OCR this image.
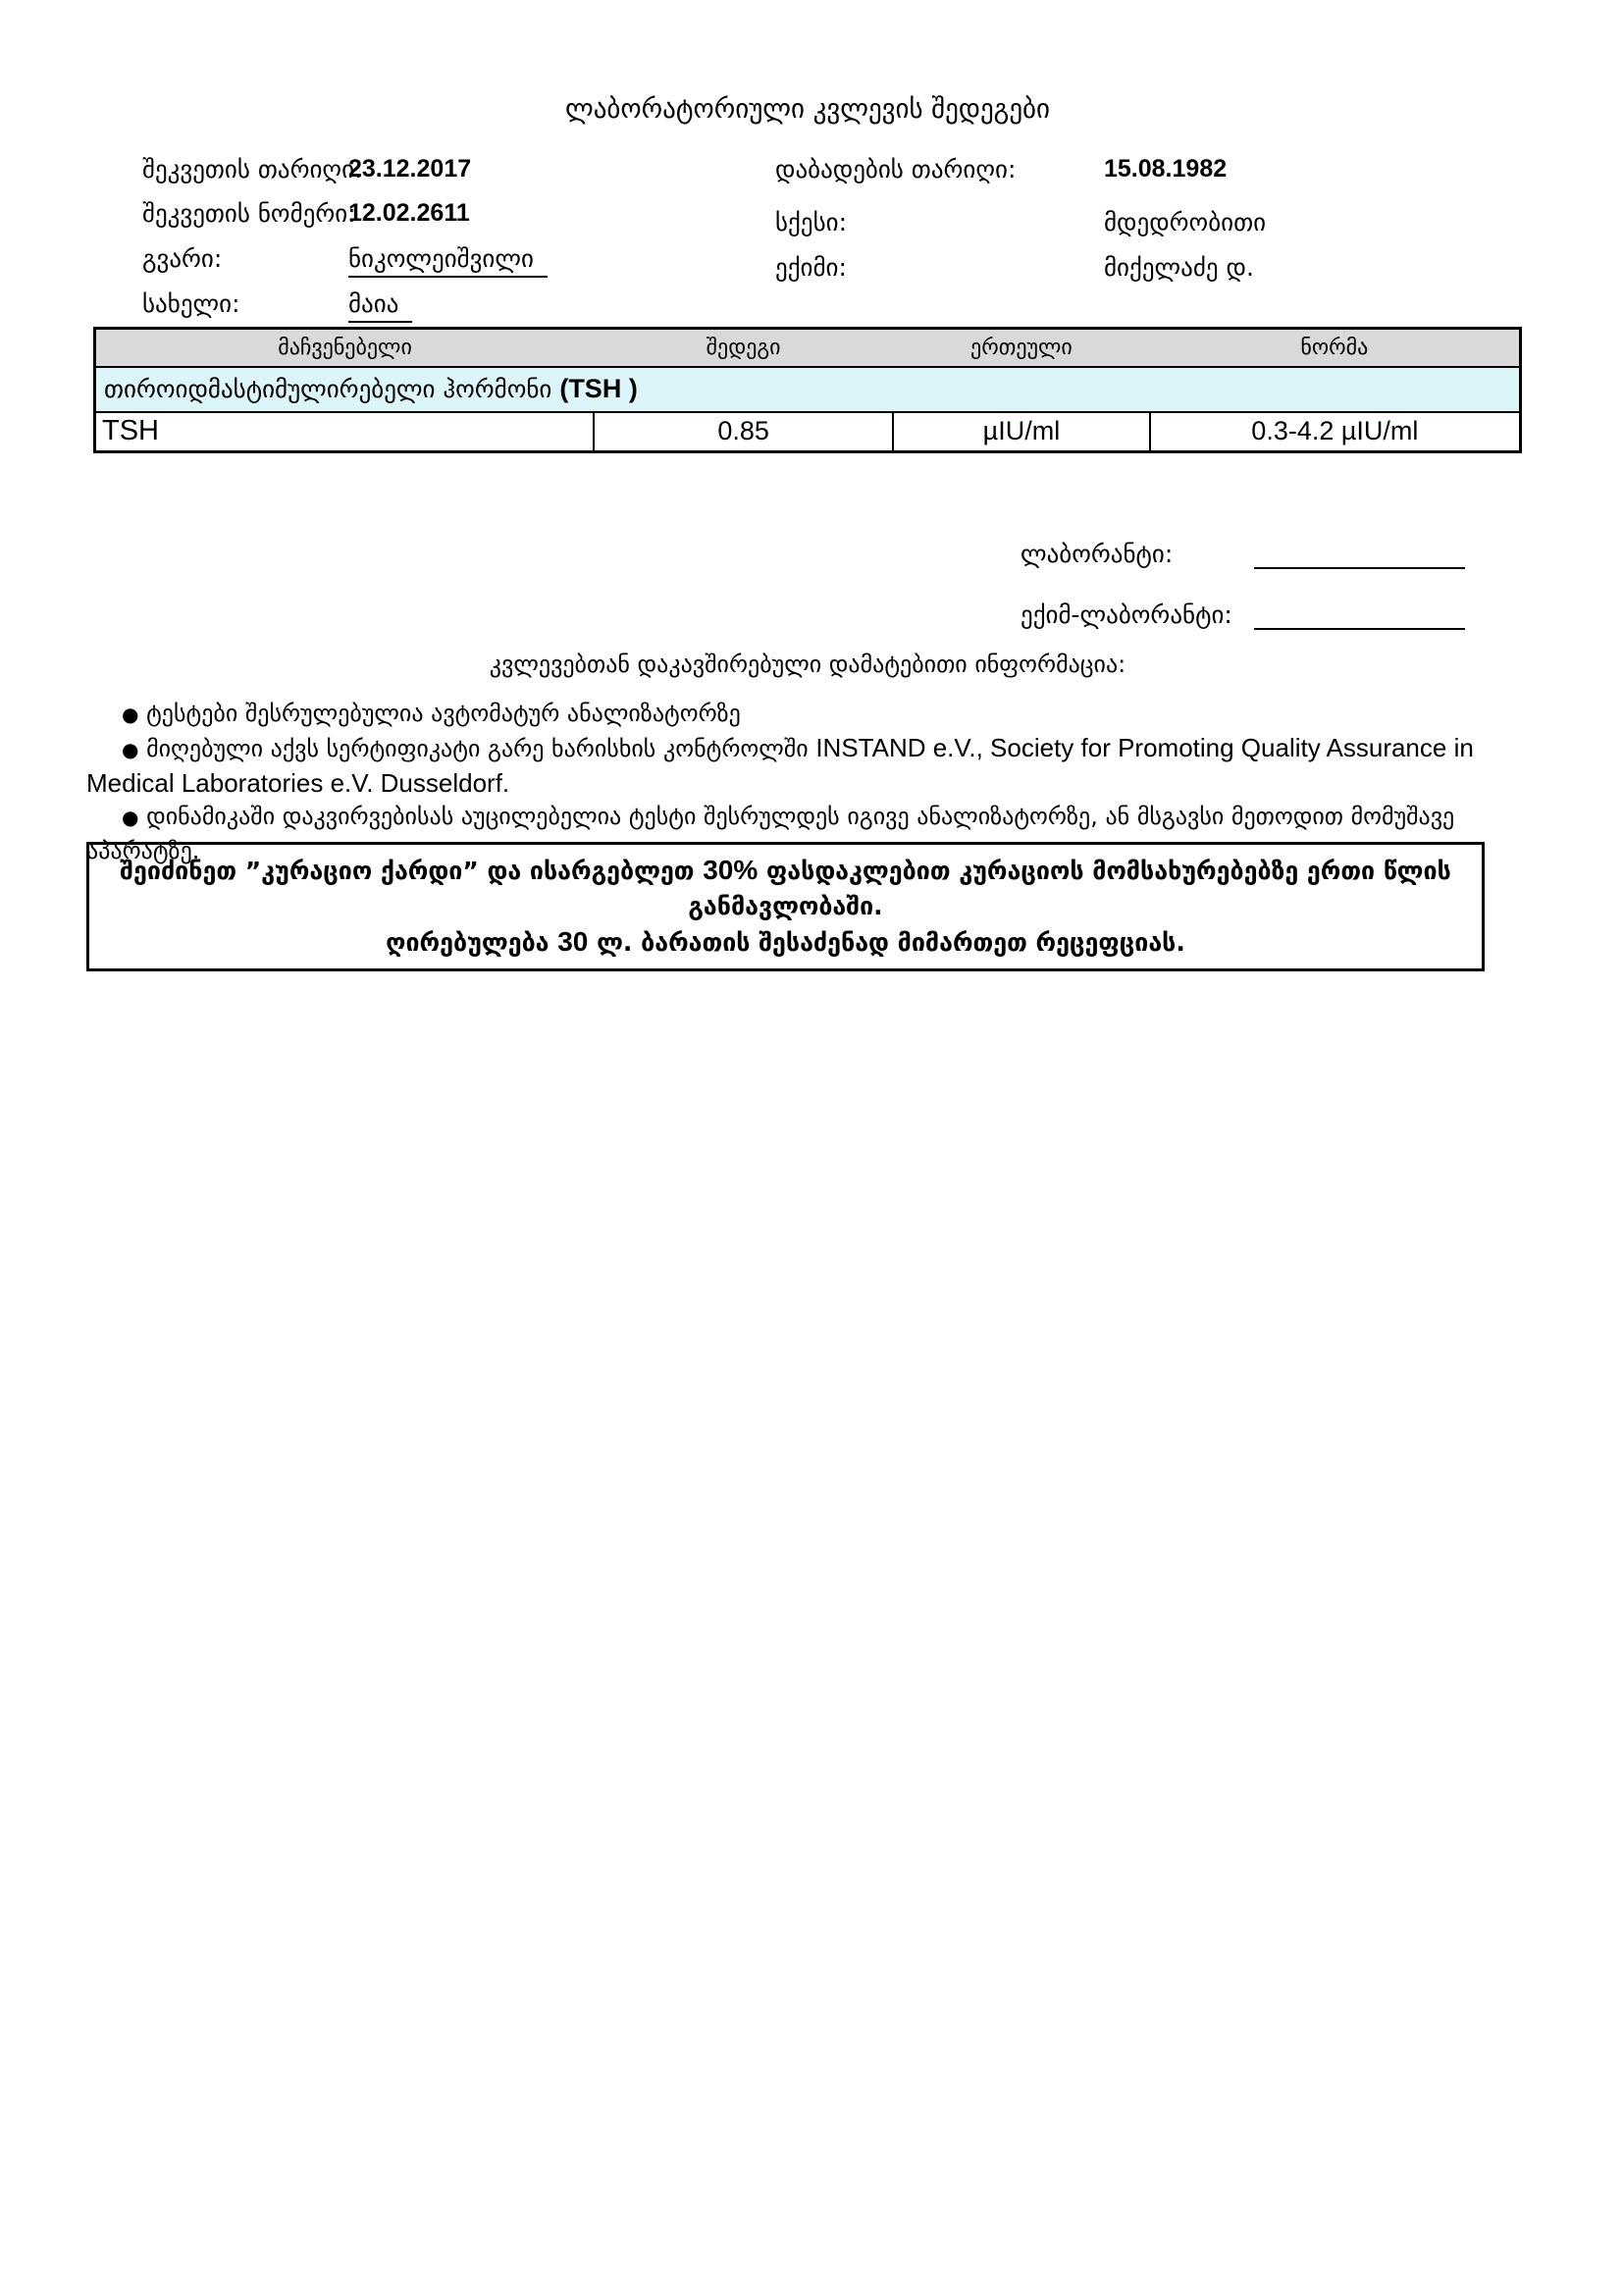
ლაბორატორიული კვლევის შედეგები
შეკვეთის თარიღი:
23.12.2017
შეკვეთის ნომერი:
12.02.2611
გვარი:	ნიკოლეიშვილი
სახელი:	მაია
დაბადების თარიღი:	15.08.1982
სქესი:	მდედრობითი
ექიმი:	მიქელაძე დ.
მაჩვენებელი	შედეგი	ერთეული	ნორმა
თიროიდმასტიმულირებელი ჰორმონი (TSH )			
TSH	0.85	µIU/ml	0.3-4.2 µIU/ml
ლაბორანტი:
ექიმ-ლაბორანტი:
კვლევებთან დაკავშირებული დამატებითი ინფორმაცია:
● ტესტები შესრულებულია ავტომატურ ანალიზატორზე
● მიღებული აქვს სერტიფიკატი გარე ხარისხის კონტროლში INSTAND e.V., Society for Promoting Quality Assurance in
Medical Laboratories e.V. Dusseldorf.
● დინამიკაში დაკვირვებისას აუცილებელია ტესტი შესრულდეს იგივე ანალიზატორზე, ან მსგავსი მეთოდით მომუშავე აპარატზე.
შეიძინეთ ”კურაციო ქარდი” და ისარგებლეთ 30% ფასდაკლებით კურაციოს მომსახურებებზე ერთი წლის განმავლობაში.
ღირებულება 30 ლ. ბარათის შესაძენად მიმართეთ რეცეფციას.
